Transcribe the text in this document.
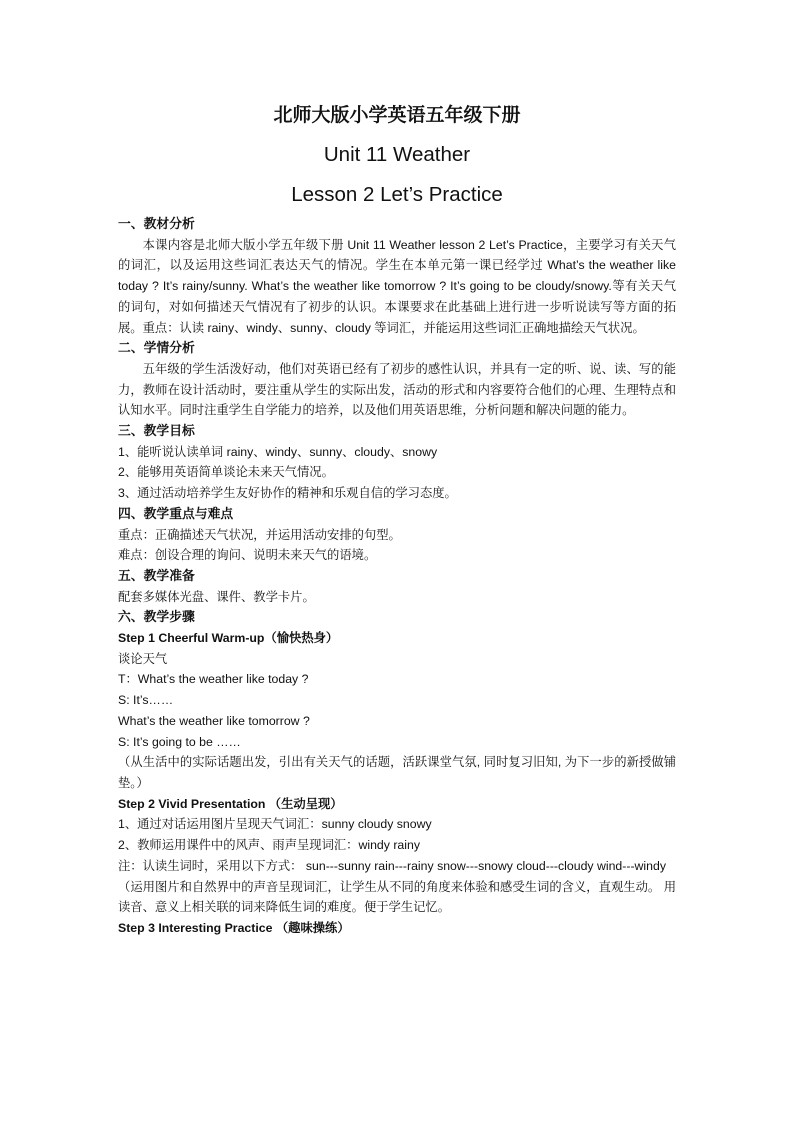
北师大版小学英语五年级下册
Unit 11 Weather
Lesson 2 Let’s Practice
一、教材分析

本课内容是北师大版小学五年级下册 Unit 11 Weather lesson 2 Let’s Practice，主要学习有关天气的词汇，以及运用这些词汇表达天气的情况。学生在本单元第一课已经学过 What’s the weather like today ? It’s rainy/sunny. What’s the weather like tomorrow ? It’s going to be cloudy/snowy.等有关天气的词句，对如何描述天气情况有了初步的认识。本课要求在此基础上进行进一步听说读写等方面的拓展。重点：认读 rainy、windy、sunny、cloudy 等词汇，并能运用这些词汇正确地描绘天气状况。

二、学情分析

五年级的学生活泼好动，他们对英语已经有了初步的感性认识，并具有一定的听、说、读、写的能力，教师在设计活动时，要注重从学生的实际出发，活动的形式和内容要符合他们的心理、生理特点和认知水平。同时注重学生自学能力的培养，以及他们用英语思维，分析问题和解决问题的能力。

三、教学目标

1、能听说认读单词 rainy、windy、sunny、cloudy、snowy

2、能够用英语简单谈论未来天气情况。

3、通过活动培养学生友好协作的精神和乐观自信的学习态度。

四、教学重点与难点

重点：正确描述天气状况，并运用活动安排的句型。

难点：创设合理的询问、说明未来天气的语境。

五、教学准备

配套多媒体光盘、课件、教学卡片。

六、教学步骤

Step 1 Cheerful Warm-up（愉快热身）

谈论天气

T：What’s the weather like today ?

S: It’s……

What’s the weather like tomorrow ?

S: It’s going to be ……

（从生活中的实际话题出发，引出有关天气的话题，活跃课堂气氛, 同时复习旧知, 为下一步的新授做铺垫。）

Step 2 Vivid Presentation （生动呈现）

1、通过对话运用图片呈现天气词汇：sunny cloudy snowy

2、教师运用课件中的风声、雨声呈现词汇：windy rainy

注：认读生词时，采用以下方式： sun---sunny rain---rainy snow---snowy cloud---cloudy wind---windy

（运用图片和自然界中的声音呈现词汇，让学生从不同的角度来体验和感受生词的含义，直观生动。 用读音、意义上相关联的词来降低生词的难度。便于学生记忆。

Step 3 Interesting Practice （趣味操练）
